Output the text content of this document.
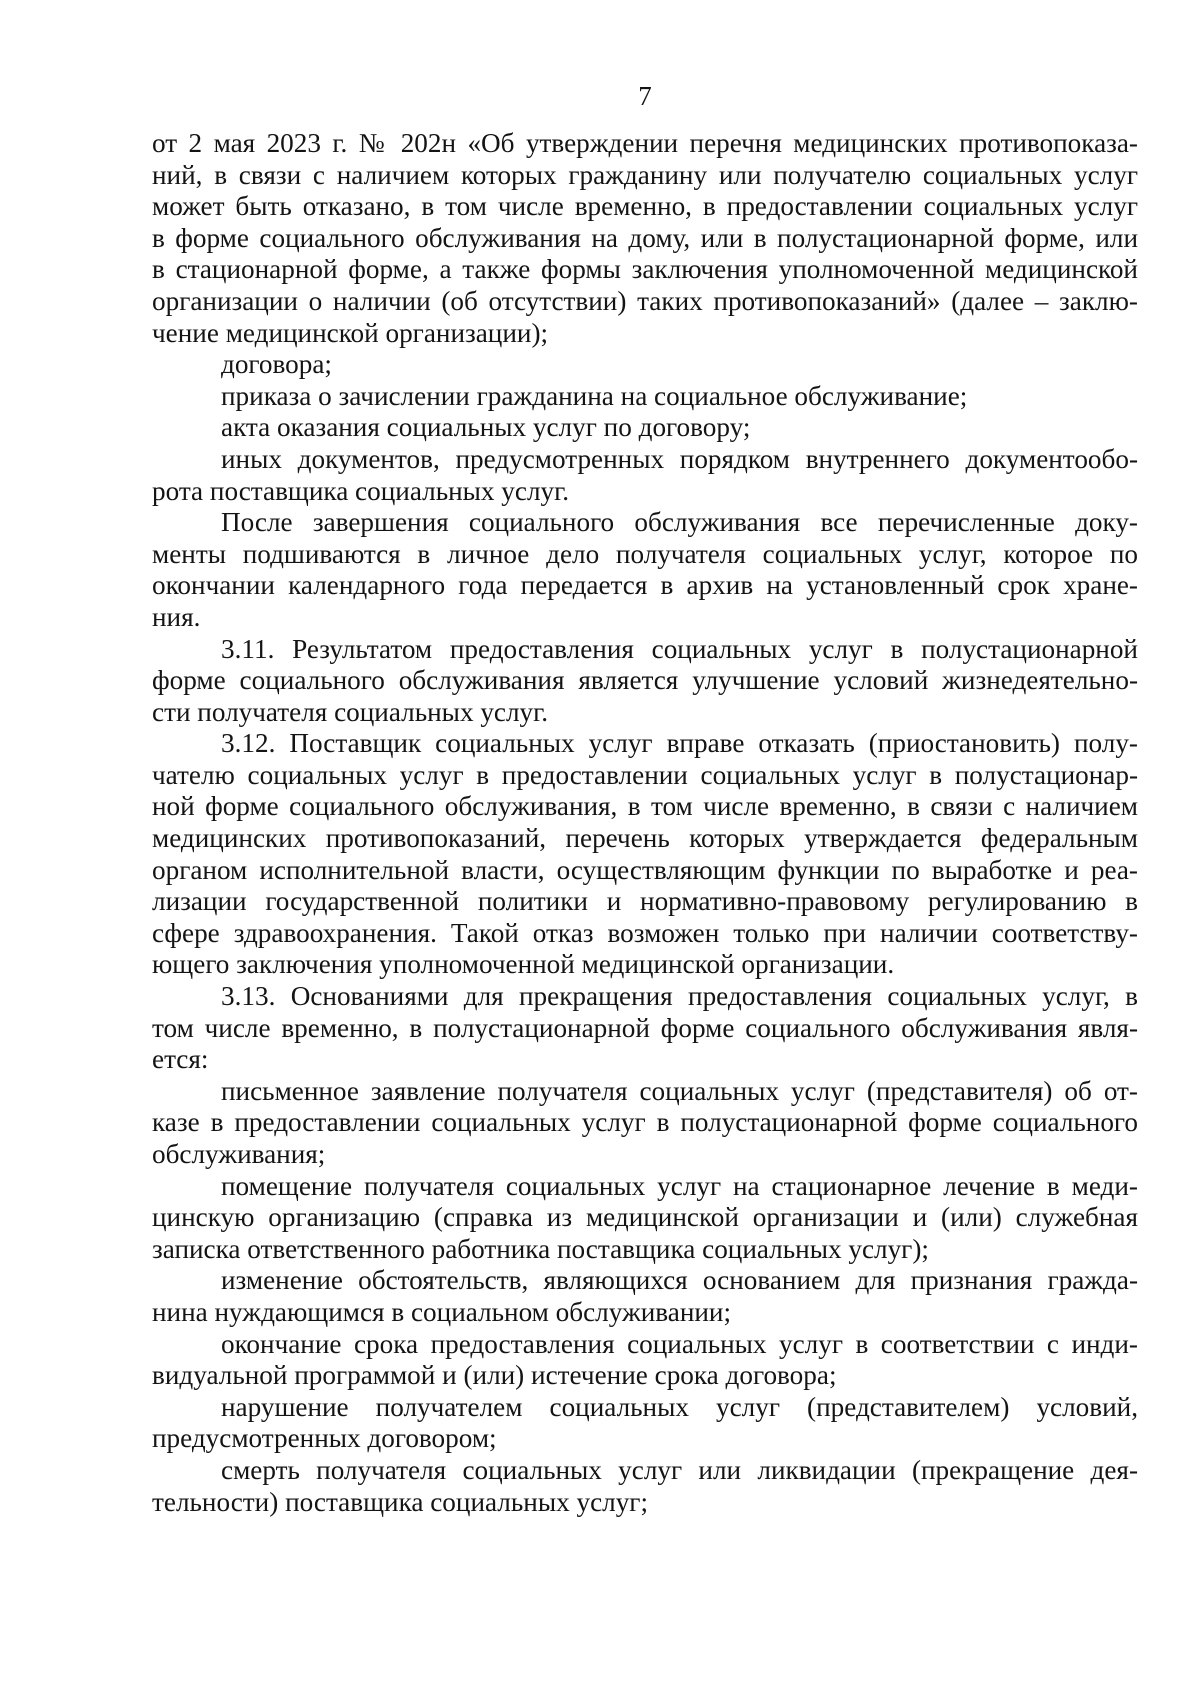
7
от 2 мая 2023 г. № 202н «Об утверждении перечня медицинских противопоказа-
ний, в связи с наличием которых гражданину или получателю социальных услуг
может быть отказано, в том числе временно, в предоставлении социальных услуг
в форме социального обслуживания на дому, или в полустационарной форме, или
в стационарной форме, а также формы заключения уполномоченной медицинской
организации о наличии (об отсутствии) таких противопоказаний» (далее – заклю-
чение медицинской организации);
договора;
приказа о зачислении гражданина на социальное обслуживание;
акта оказания социальных услуг по договору;
иных документов, предусмотренных порядком внутреннего документообо-
рота поставщика социальных услуг.
После завершения социального обслуживания все перечисленные доку-
менты подшиваются в личное дело получателя социальных услуг, которое по
окончании календарного года передается в архив на установленный срок хране-
ния.
3.11. Результатом предоставления социальных услуг в полустационарной
форме социального обслуживания является улучшение условий жизнедеятельно-
сти получателя социальных услуг.
3.12. Поставщик социальных услуг вправе отказать (приостановить) полу-
чателю социальных услуг в предоставлении социальных услуг в полустационар-
ной форме социального обслуживания, в том числе временно, в связи с наличием
медицинских противопоказаний, перечень которых утверждается федеральным
органом исполнительной власти, осуществляющим функции по выработке и реа-
лизации государственной политики и нормативно-правовому регулированию в
сфере здравоохранения. Такой отказ возможен только при наличии соответству-
ющего заключения уполномоченной медицинской организации.
3.13. Основаниями для прекращения предоставления социальных услуг, в
том числе временно, в полустационарной форме социального обслуживания явля-
ется:
письменное заявление получателя социальных услуг (представителя) об от-
казе в предоставлении социальных услуг в полустационарной форме социального
обслуживания;
помещение получателя социальных услуг на стационарное лечение в меди-
цинскую организацию (справка из медицинской организации и (или) служебная
записка ответственного работника поставщика социальных услуг);
изменение обстоятельств, являющихся основанием для признания гражда-
нина нуждающимся в социальном обслуживании;
окончание срока предоставления социальных услуг в соответствии с инди-
видуальной программой и (или) истечение срока договора;
нарушение получателем социальных услуг (представителем) условий,
предусмотренных договором;
смерть получателя социальных услуг или ликвидации (прекращение дея-
тельности) поставщика социальных услуг;
